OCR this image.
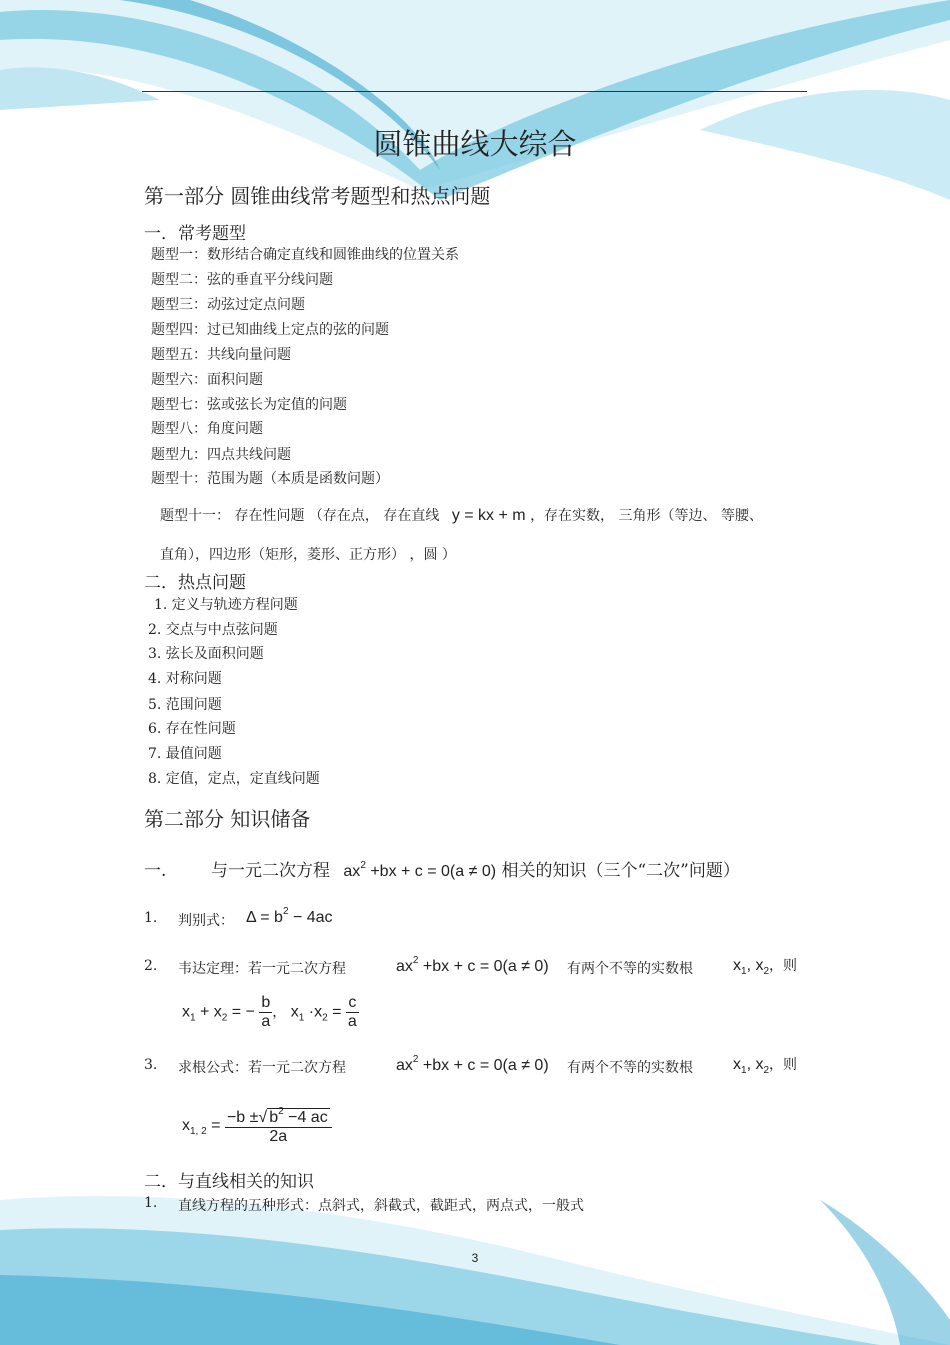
圆锥曲线大综合
第一部分 圆锥曲线常考题型和热点问题
一．常考题型
题型一：数形结合确定直线和圆锥曲线的位置关系
题型二：弦的垂直平分线问题
题型三：动弦过定点问题
题型四：过已知曲线上定点的弦的问题
题型五：共线向量问题
题型六：面积问题
题型七：弦或弦长为定值的问题
题型八：角度问题
题型九：四点共线问题
题型十：范围为题（本质是函数问题）
题型十一： 存在性问题 （存在点， 存在直线 y = kx + m ，存在实数， 三角形（等边、 等腰、
直角），四边形（矩形，菱形、正方形） ，圆 ）
二．热点问题
1. 定义与轨迹方程问题
2. 交点与中点弦问题
3. 弦长及面积问题
4. 对称问题
5. 范围问题
6. 存在性问题
7. 最值问题
8. 定值，定点，定直线问题
第二部分 知识储备
一.	与一元二次方程 $ax^2 +bx + c = 0(a \ne 0)$ 相关的知识（三个“二次”问题）
1. 判别式： $\Delta = b^2 - 4ac$
2. 韦达定理：若一元二次方程	$ax^2 +bx + c = 0(a \ne 0)$ 有两个不等的实数根	$x_1$, $x_2$，则
$x_1 + x_2$ = − $\frac{b}{a}$ ， $x_1 \cdot x_2 = \frac{c}{a}$
3. 求根公式：若一元二次方程	$ax^2 +bx + c = 0(a \ne 0)$ 有两个不等的实数根	$x_1$, $x_2$，则
$x_{1, 2} = \frac{-b \pm√ b^2 -4 ac}{2a}$
二．与直线相关的知识
1. 直线方程的五种形式：点斜式，斜截式，截距式，两点式，一般式
3
